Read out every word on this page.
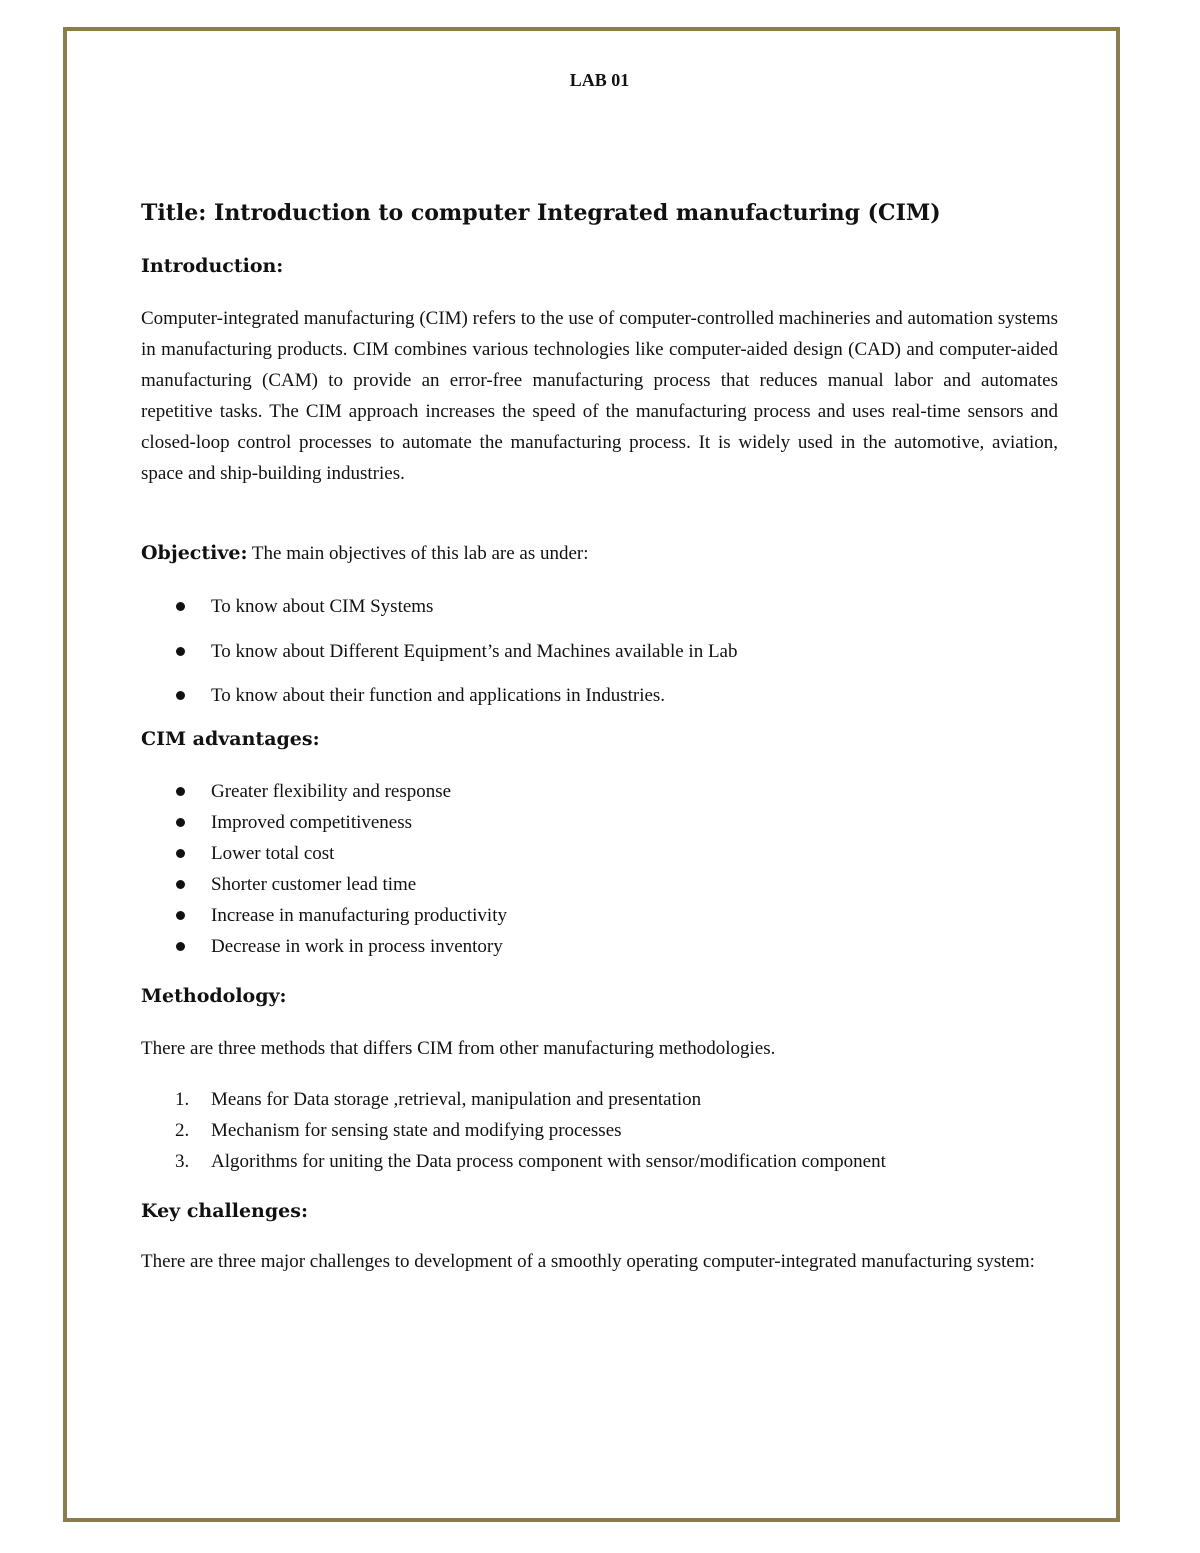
LAB 01
Title: Introduction to computer Integrated manufacturing (CIM)
Introduction:

Computer-integrated manufacturing (CIM) refers to the use of computer-controlled machineries and automation systems in manufacturing products. CIM combines various technologies like computer-aided design (CAD) and computer-aided manufacturing (CAM) to provide an error-free manufacturing process that reduces manual labor and automates repetitive tasks. The CIM approach increases the speed of the manufacturing process and uses real-time sensors and closed-loop control processes to automate the manufacturing process. It is widely used in the automotive, aviation, space and ship-building industries.

Objective: The main objectives of this lab are as under:

To know about CIM Systems
To know about Different Equipment’s and Machines available in Lab
To know about their function and applications in Industries.
CIM advantages:
Greater flexibility and response
Improved competitiveness
Lower total cost
Shorter customer lead time
Increase in manufacturing productivity
Decrease in work in process inventory
Methodology:

There are three methods that differs CIM from other manufacturing methodologies.

1.	Means for Data storage ,retrieval, manipulation and presentation
2.	Mechanism for sensing state and modifying processes
3.	Algorithms for uniting the Data process component with sensor/modification component
Key challenges:

There are three major challenges to development of a smoothly operating computer-integrated manufacturing system:
